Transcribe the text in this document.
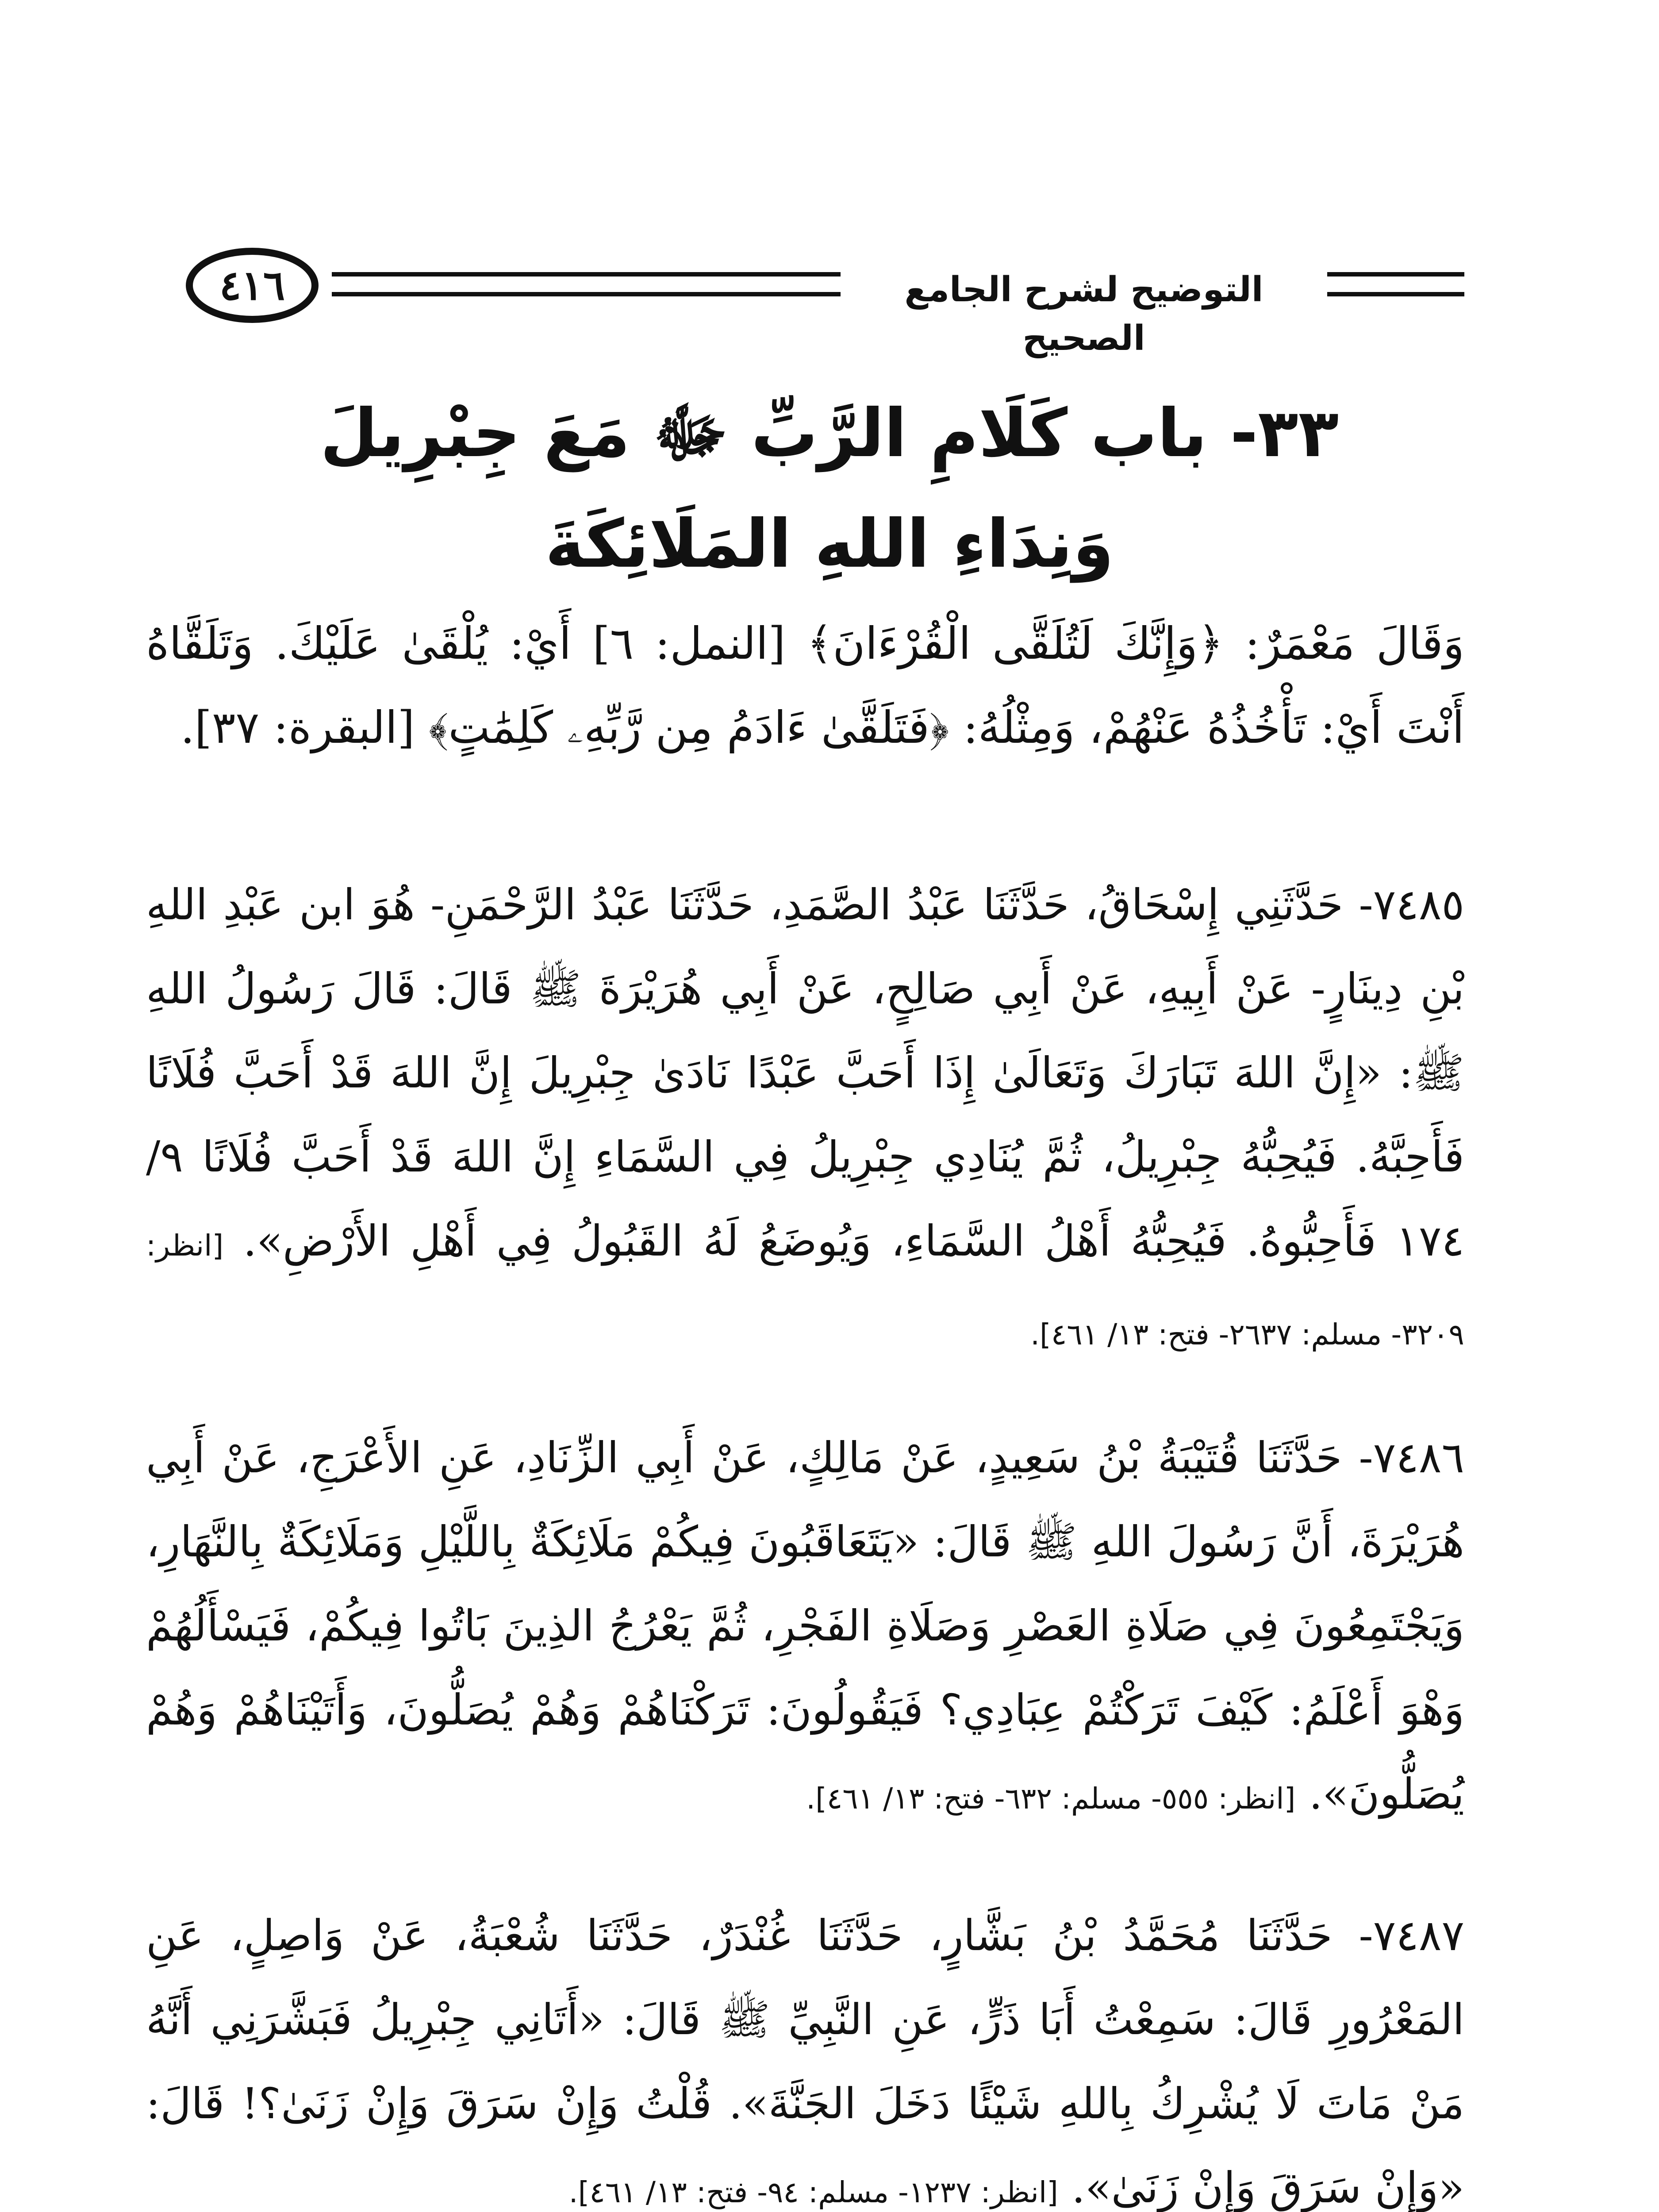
٤١٦	التوضيح لشرح الجامع الصحيح
٣٣- باب كَلَامِ الرَّبِّ ﷻ مَعَ جِبْرِيلَ
وَنِدَاءِ اللهِ المَلَائِكَةَ
وَقَالَ مَعْمَرٌ: ﴿وَإِنَّكَ لَتُلَقَّى الْقُرْءَانَ﴾ [النمل: ٦] أَيْ: يُلْقَىٰ عَلَيْكَ. وَتَلَقَّاهُ أَنْتَ أَيْ: تَأْخُذُهُ عَنْهُمْ، وَمِثْلُهُ: ﴿فَتَلَقَّىٰ ءَادَمُ مِن رَّبِّهِۦ كَلِمَٰتٍ﴾ [البقرة: ٣٧].
٧٤٨٥- حَدَّثَنِي إِسْحَاقُ، حَدَّثَنَا عَبْدُ الصَّمَدِ، حَدَّثَنَا عَبْدُ الرَّحْمَنِ- هُوَ ابن عَبْدِ اللهِ بْنِ دِينَارٍ- عَنْ أَبِيهِ، عَنْ أَبِي صَالِحٍ، عَنْ أَبِي هُرَيْرَةَ ﷺ قَالَ: قَالَ رَسُولُ اللهِ ﷺ: «إِنَّ اللهَ تَبَارَكَ وَتَعَالَىٰ إِذَا أَحَبَّ عَبْدًا نَادَىٰ جِبْرِيلَ إِنَّ اللهَ قَدْ أَحَبَّ فُلَانًا فَأَحِبَّهُ. فَيُحِبُّهُ جِبْرِيلُ، ثُمَّ يُنَادِي جِبْرِيلُ فِي السَّمَاءِ إِنَّ اللهَ قَدْ أَحَبَّ فُلَانًا ٩/ ١٧٤ فَأَحِبُّوهُ. فَيُحِبُّهُ أَهْلُ السَّمَاءِ، وَيُوضَعُ لَهُ القَبُولُ فِي أَهْلِ الأَرْضِ». [انظر: ٣٢٠٩- مسلم: ٢٦٣٧- فتح: ١٣/ ٤٦١].
٧٤٨٦- حَدَّثَنَا قُتَيْبَةُ بْنُ سَعِيدٍ، عَنْ مَالِكٍ، عَنْ أَبِي الزِّنَادِ، عَنِ الأَعْرَجِ، عَنْ أَبِي هُرَيْرَةَ، أَنَّ رَسُولَ اللهِ ﷺ قَالَ: «يَتَعَاقَبُونَ فِيكُمْ مَلَائِكَةٌ بِاللَّيْلِ وَمَلَائِكَةٌ بِالنَّهَارِ، وَيَجْتَمِعُونَ فِي صَلَاةِ العَصْرِ وَصَلَاةِ الفَجْرِ، ثُمَّ يَعْرُجُ الذِينَ بَاتُوا فِيكُمْ، فَيَسْأَلُهُمْ وَهْوَ أَعْلَمُ: كَيْفَ تَرَكْتُمْ عِبَادِي؟ فَيَقُولُونَ: تَرَكْنَاهُمْ وَهُمْ يُصَلُّونَ، وَأَتَيْنَاهُمْ وَهُمْ يُصَلُّونَ». [انظر: ٥٥٥- مسلم: ٦٣٢- فتح: ١٣/ ٤٦١].
٧٤٨٧- حَدَّثَنَا مُحَمَّدُ بْنُ بَشَّارٍ، حَدَّثَنَا غُنْدَرٌ، حَدَّثَنَا شُعْبَةُ، عَنْ وَاصِلٍ، عَنِ المَعْرُورِ قَالَ: سَمِعْتُ أَبَا ذَرٍّ، عَنِ النَّبِيِّ ﷺ قَالَ: «أَتَانِي جِبْرِيلُ فَبَشَّرَنِي أَنَّهُ مَنْ مَاتَ لَا يُشْرِكُ بِاللهِ شَيْئًا دَخَلَ الجَنَّةَ». قُلْتُ وَإِنْ سَرَقَ وَإِنْ زَنَىٰ؟! قَالَ: «وَإِنْ سَرَقَ وَإِنْ زَنَىٰ». [انظر: ١٢٣٧- مسلم: ٩٤- فتح: ١٣/ ٤٦١].
